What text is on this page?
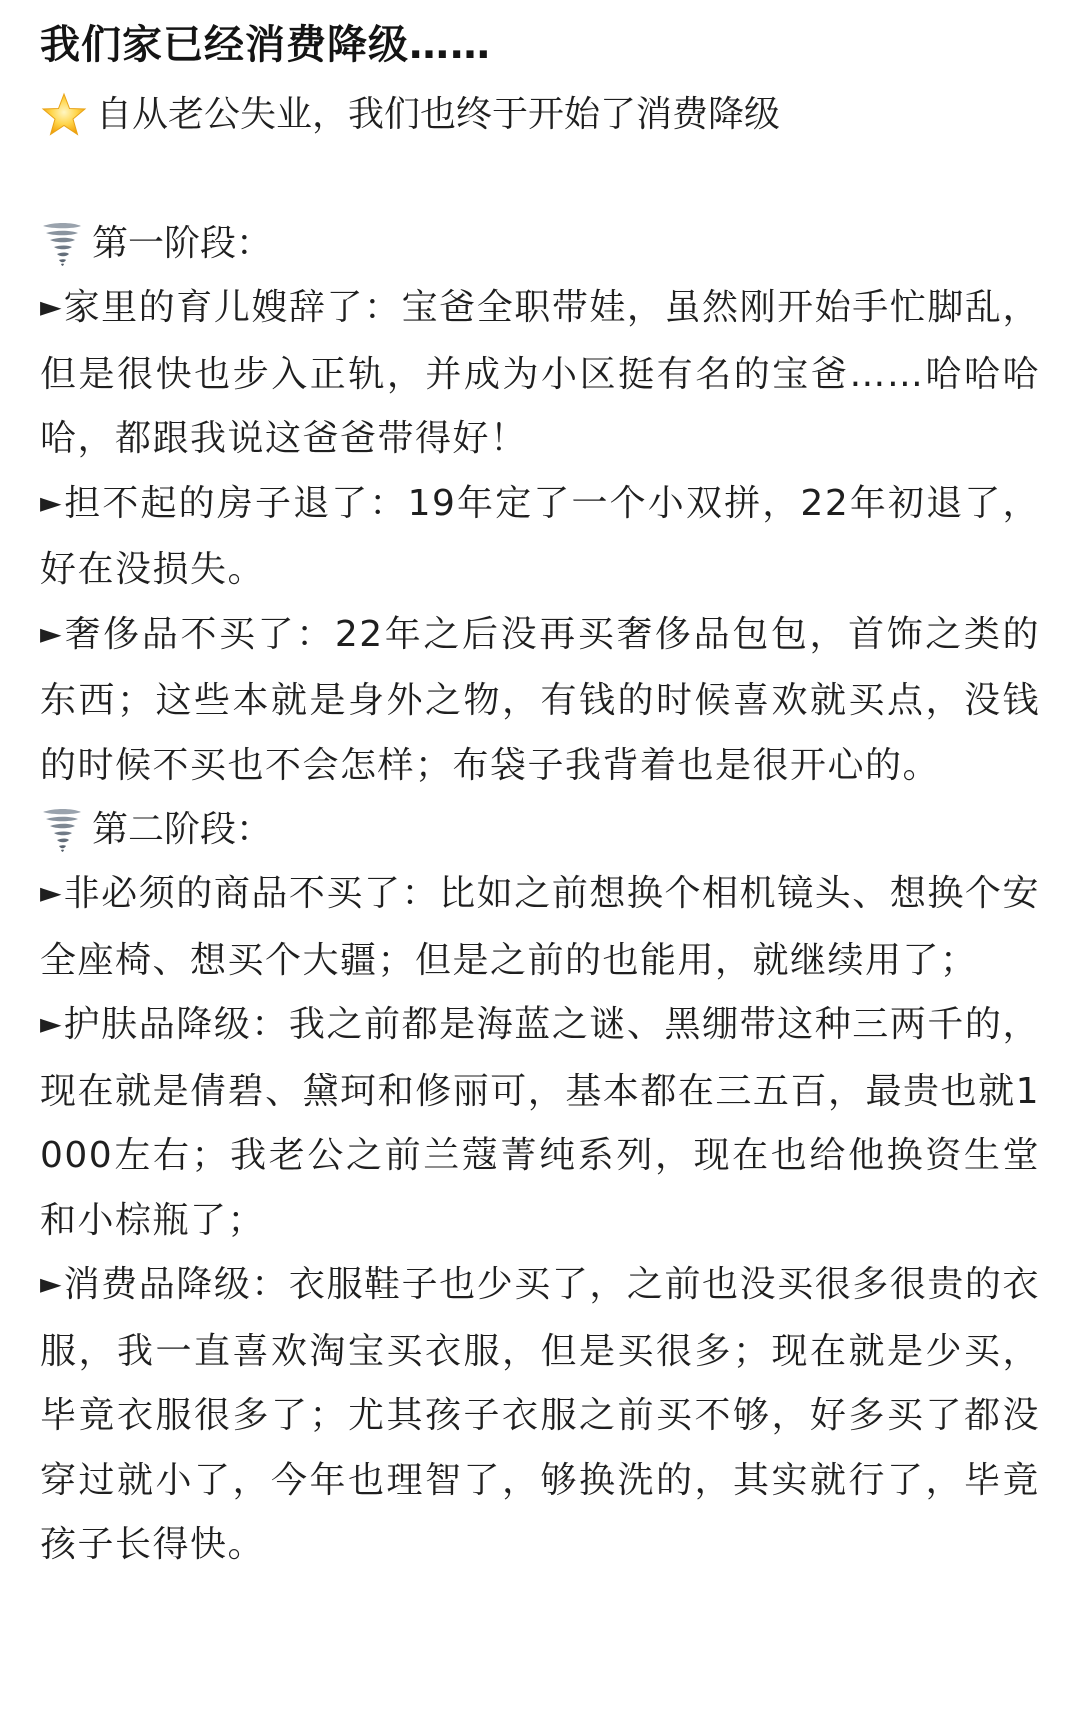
我们家已经消费降级……
自从老公失业，我们也终于开始了消费降级
第一阶段：
►家里的育儿嫂辞了：宝爸全职带娃，虽然刚开始手忙脚乱，但是很快也步入正轨，并成为小区挺有名的宝爸……哈哈哈哈，都跟我说这爸爸带得好！
►担不起的房子退了：19年定了一个小双拼，22年初退了，好在没损失。
►奢侈品不买了：22年之后没再买奢侈品包包，首饰之类的东西；这些本就是身外之物，有钱的时候喜欢就买点，没钱的时候不买也不会怎样；布袋子我背着也是很开心的。
第二阶段：
►非必须的商品不买了：比如之前想换个相机镜头、想换个安全座椅、想买个大疆；但是之前的也能用，就继续用了；
►护肤品降级：我之前都是海蓝之谜、黑绷带这种三两千的，现在就是倩碧、黛珂和修丽可，基本都在三五百，最贵也就1000左右；我老公之前兰蔻菁纯系列，现在也给他换资生堂和小棕瓶了；
►消费品降级：衣服鞋子也少买了，之前也没买很多很贵的衣服，我一直喜欢淘宝买衣服，但是买很多；现在就是少买，毕竟衣服很多了；尤其孩子衣服之前买不够，好多买了都没穿过就小了，今年也理智了，够换洗的，其实就行了，毕竟孩子长得快。
